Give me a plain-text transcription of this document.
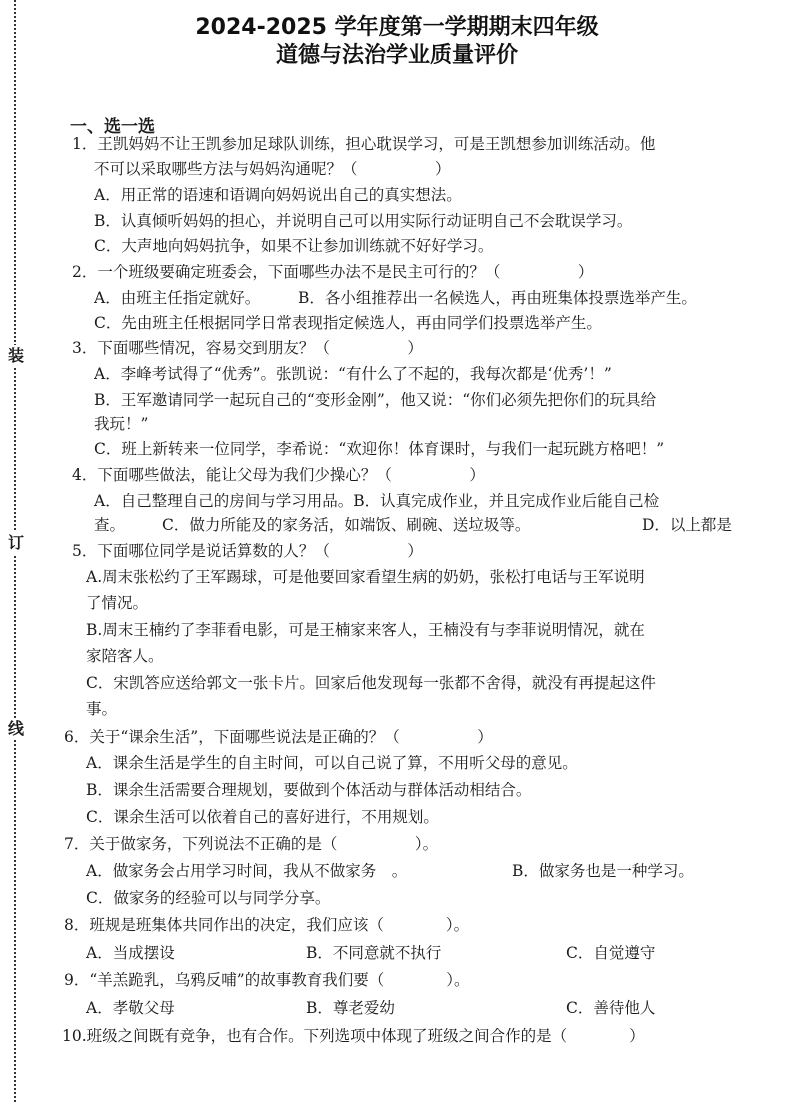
装
订
线
2024-2025 学年度第一学期期末四年级
道德与法治学业质量评价
一、选一选
1．王凯妈妈不让王凯参加足球队训练，担心耽误学习，可是王凯想参加训练活动。他
不可以采取哪些方法与妈妈沟通呢？（　　　　　）
A．用正常的语速和语调向妈妈说出自己的真实想法。
B．认真倾听妈妈的担心，并说明自己可以用实际行动证明自己不会耽误学习。
C．大声地向妈妈抗争，如果不让参加训练就不好好学习。
2．一个班级要确定班委会，下面哪些办法不是民主可行的？（　　　　　）
A．由班主任指定就好。 B．各小组推荐出一名候选人，再由班集体投票选举产生。
C．先由班主任根据同学日常表现指定候选人，再由同学们投票选举产生。
3．下面哪些情况，容易交到朋友？（　　　　　）
A．李峰考试得了“优秀”。张凯说：“有什么了不起的，我每次都是‘优秀’！”
B．王军邀请同学一起玩自己的“变形金刚”，他又说：“你们必须先把你们的玩具给
我玩！”
C．班上新转来一位同学，李希说：“欢迎你！体育课时，与我们一起玩跳方格吧！”
4．下面哪些做法，能让父母为我们少操心？（　　　　　）
A．自己整理自己的房间与学习用品。B．认真完成作业，并且完成作业后能自己检
查。 C．做力所能及的家务活，如端饭、刷碗、送垃圾等。	D．以上都是
5．下面哪位同学是说话算数的人？（　　　　　）
A.周末张松约了王军踢球，可是他要回家看望生病的奶奶，张松打电话与王军说明
了情况。
B.周末王楠约了李菲看电影，可是王楠家来客人，王楠没有与李菲说明情况，就在
家陪客人。
C．宋凯答应送给郭文一张卡片。回家后他发现每一张都不舍得，就没有再提起这件
事。
6．关于“课余生活”，下面哪些说法是正确的？（　　　　　）
A．课余生活是学生的自主时间，可以自己说了算，不用听父母的意见。
B．课余生活需要合理规划，要做到个体活动与群体活动相结合。
C．课余生活可以依着自己的喜好进行，不用规划。
7．关于做家务，下列说法不正确的是（　　　　　）。
A．做家务会占用学习时间，我从不做家务　。	B．做家务也是一种学习。
C．做家务的经验可以与同学分享。
8．班规是班集体共同作出的决定，我们应该（　　　　）。
A．当成摆设	B．不同意就不执行	C．自觉遵守
9．“羊羔跪乳，乌鸦反哺”的故事教育我们要（　　　　）。
A．孝敬父母	B．尊老爱幼	C．善待他人
10.班级之间既有竞争，也有合作。下列选项中体现了班级之间合作的是（　　　　）
